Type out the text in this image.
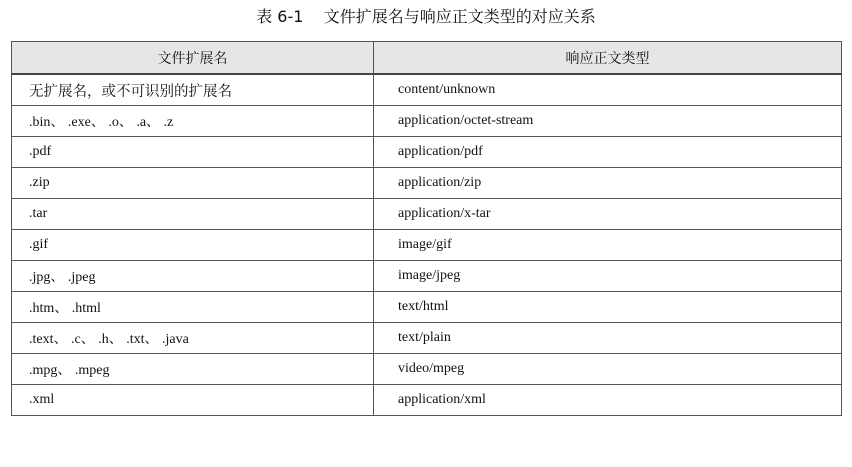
表 6-1    文件扩展名与响应正文类型的对应关系
文件扩展名	响应正文类型
无扩展名，或不可识别的扩展名	content/unknown
.bin、 .exe、 .o、 .a、 .z	application/octet-stream
.pdf	application/pdf
.zip	application/zip
.tar	application/x-tar
.gif	image/gif
.jpg、 .jpeg	image/jpeg
.htm、 .html	text/html
.text、 .c、 .h、 .txt、 .java	text/plain
.mpg、 .mpeg	video/mpeg
.xml	application/xml
